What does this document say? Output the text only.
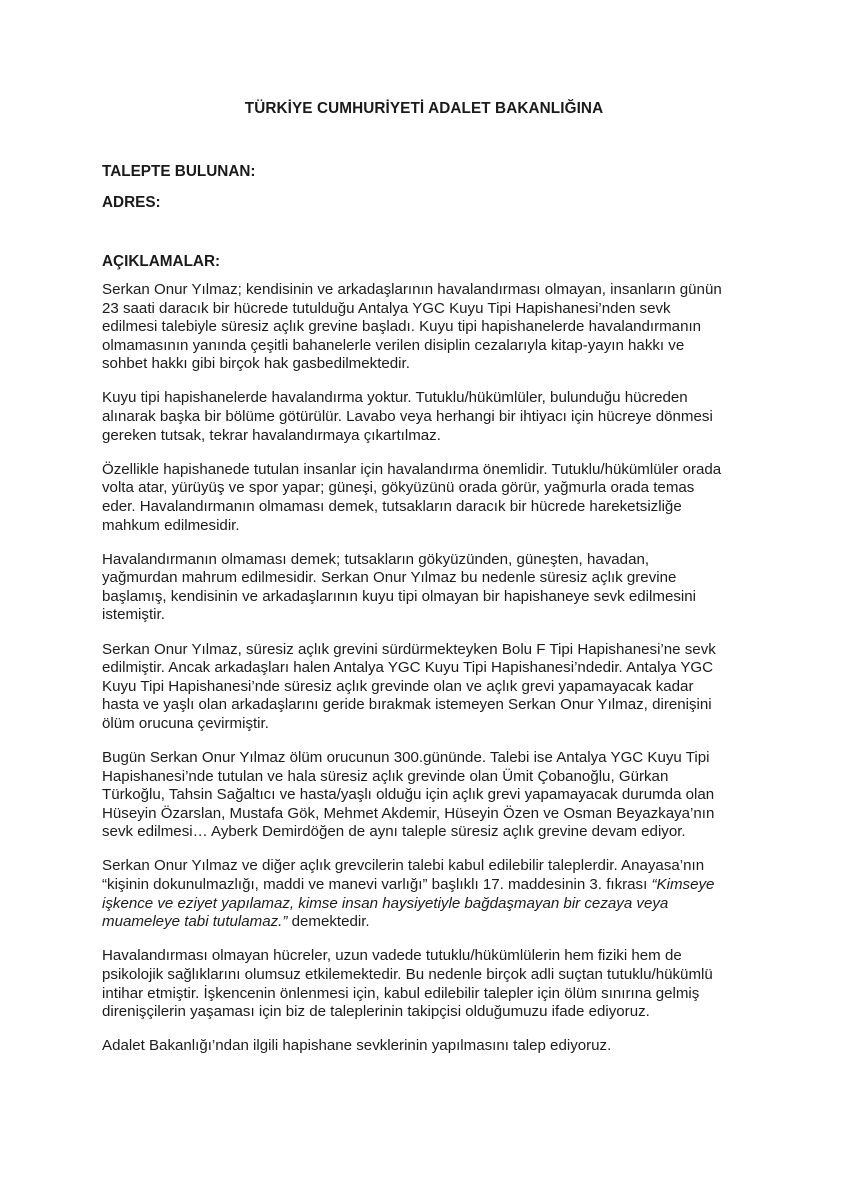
TÜRKİYE CUMHURİYETİ ADALET BAKANLIĞINA
TALEPTE BULUNAN:
ADRES:
AÇIKLAMALAR:

Serkan Onur Yılmaz; kendisinin ve arkadaşlarının havalandırması olmayan, insanların günün
23 saati daracık bir hücrede tutulduğu Antalya YGC Kuyu Tipi Hapishanesi’nden sevk
edilmesi talebiyle süresiz açlık grevine başladı. Kuyu tipi hapishanelerde havalandırmanın
olmamasının yanında çeşitli bahanelerle verilen disiplin cezalarıyla kitap-yayın hakkı ve
sohbet hakkı gibi birçok hak gasbedilmektedir.

Kuyu tipi hapishanelerde havalandırma yoktur. Tutuklu/hükümlüler, bulunduğu hücreden
alınarak başka bir bölüme götürülür. Lavabo veya herhangi bir ihtiyacı için hücreye dönmesi
gereken tutsak, tekrar havalandırmaya çıkartılmaz.

Özellikle hapishanede tutulan insanlar için havalandırma önemlidir. Tutuklu/hükümlüler orada
volta atar, yürüyüş ve spor yapar; güneşi, gökyüzünü orada görür, yağmurla orada temas
eder. Havalandırmanın olmaması demek, tutsakların daracık bir hücrede hareketsizliğe
mahkum edilmesidir.

Havalandırmanın olmaması demek; tutsakların gökyüzünden, güneşten, havadan,
yağmurdan mahrum edilmesidir. Serkan Onur Yılmaz bu nedenle süresiz açlık grevine
başlamış, kendisinin ve arkadaşlarının kuyu tipi olmayan bir hapishaneye sevk edilmesini
istemiştir.

Serkan Onur Yılmaz, süresiz açlık grevini sürdürmekteyken Bolu F Tipi Hapishanesi’ne sevk
edilmiştir. Ancak arkadaşları halen Antalya YGC Kuyu Tipi Hapishanesi’ndedir. Antalya YGC
Kuyu Tipi Hapishanesi’nde süresiz açlık grevinde olan ve açlık grevi yapamayacak kadar
hasta ve yaşlı olan arkadaşlarını geride bırakmak istemeyen Serkan Onur Yılmaz, direnişini
ölüm orucuna çevirmiştir.

Bugün Serkan Onur Yılmaz ölüm orucunun 300.gününde. Talebi ise Antalya YGC Kuyu Tipi
Hapishanesi’nde tutulan ve hala süresiz açlık grevinde olan Ümit Çobanoğlu, Gürkan
Türkoğlu, Tahsin Sağaltıcı ve hasta/yaşlı olduğu için açlık grevi yapamayacak durumda olan
Hüseyin Özarslan, Mustafa Gök, Mehmet Akdemir, Hüseyin Özen ve Osman Beyazkaya’nın
sevk edilmesi… Ayberk Demirdöğen de aynı taleple süresiz açlık grevine devam ediyor.

Serkan Onur Yılmaz ve diğer açlık grevcilerin talebi kabul edilebilir taleplerdir. Anayasa’nın
“kişinin dokunulmazlığı, maddi ve manevi varlığı” başlıklı 17. maddesinin 3. fıkrası “Kimseye
işkence ve eziyet yapılamaz, kimse insan haysiyetiyle bağdaşmayan bir cezaya veya
muameleye tabi tutulamaz.” demektedir.

Havalandırması olmayan hücreler, uzun vadede tutuklu/hükümlülerin hem fiziki hem de
psikolojik sağlıklarını olumsuz etkilemektedir. Bu nedenle birçok adli suçtan tutuklu/hükümlü
intihar etmiştir. İşkencenin önlenmesi için, kabul edilebilir talepler için ölüm sınırına gelmiş
direnişçilerin yaşaması için biz de taleplerinin takipçisi olduğumuzu ifade ediyoruz.

Adalet Bakanlığı’ndan ilgili hapishane sevklerinin yapılmasını talep ediyoruz.
